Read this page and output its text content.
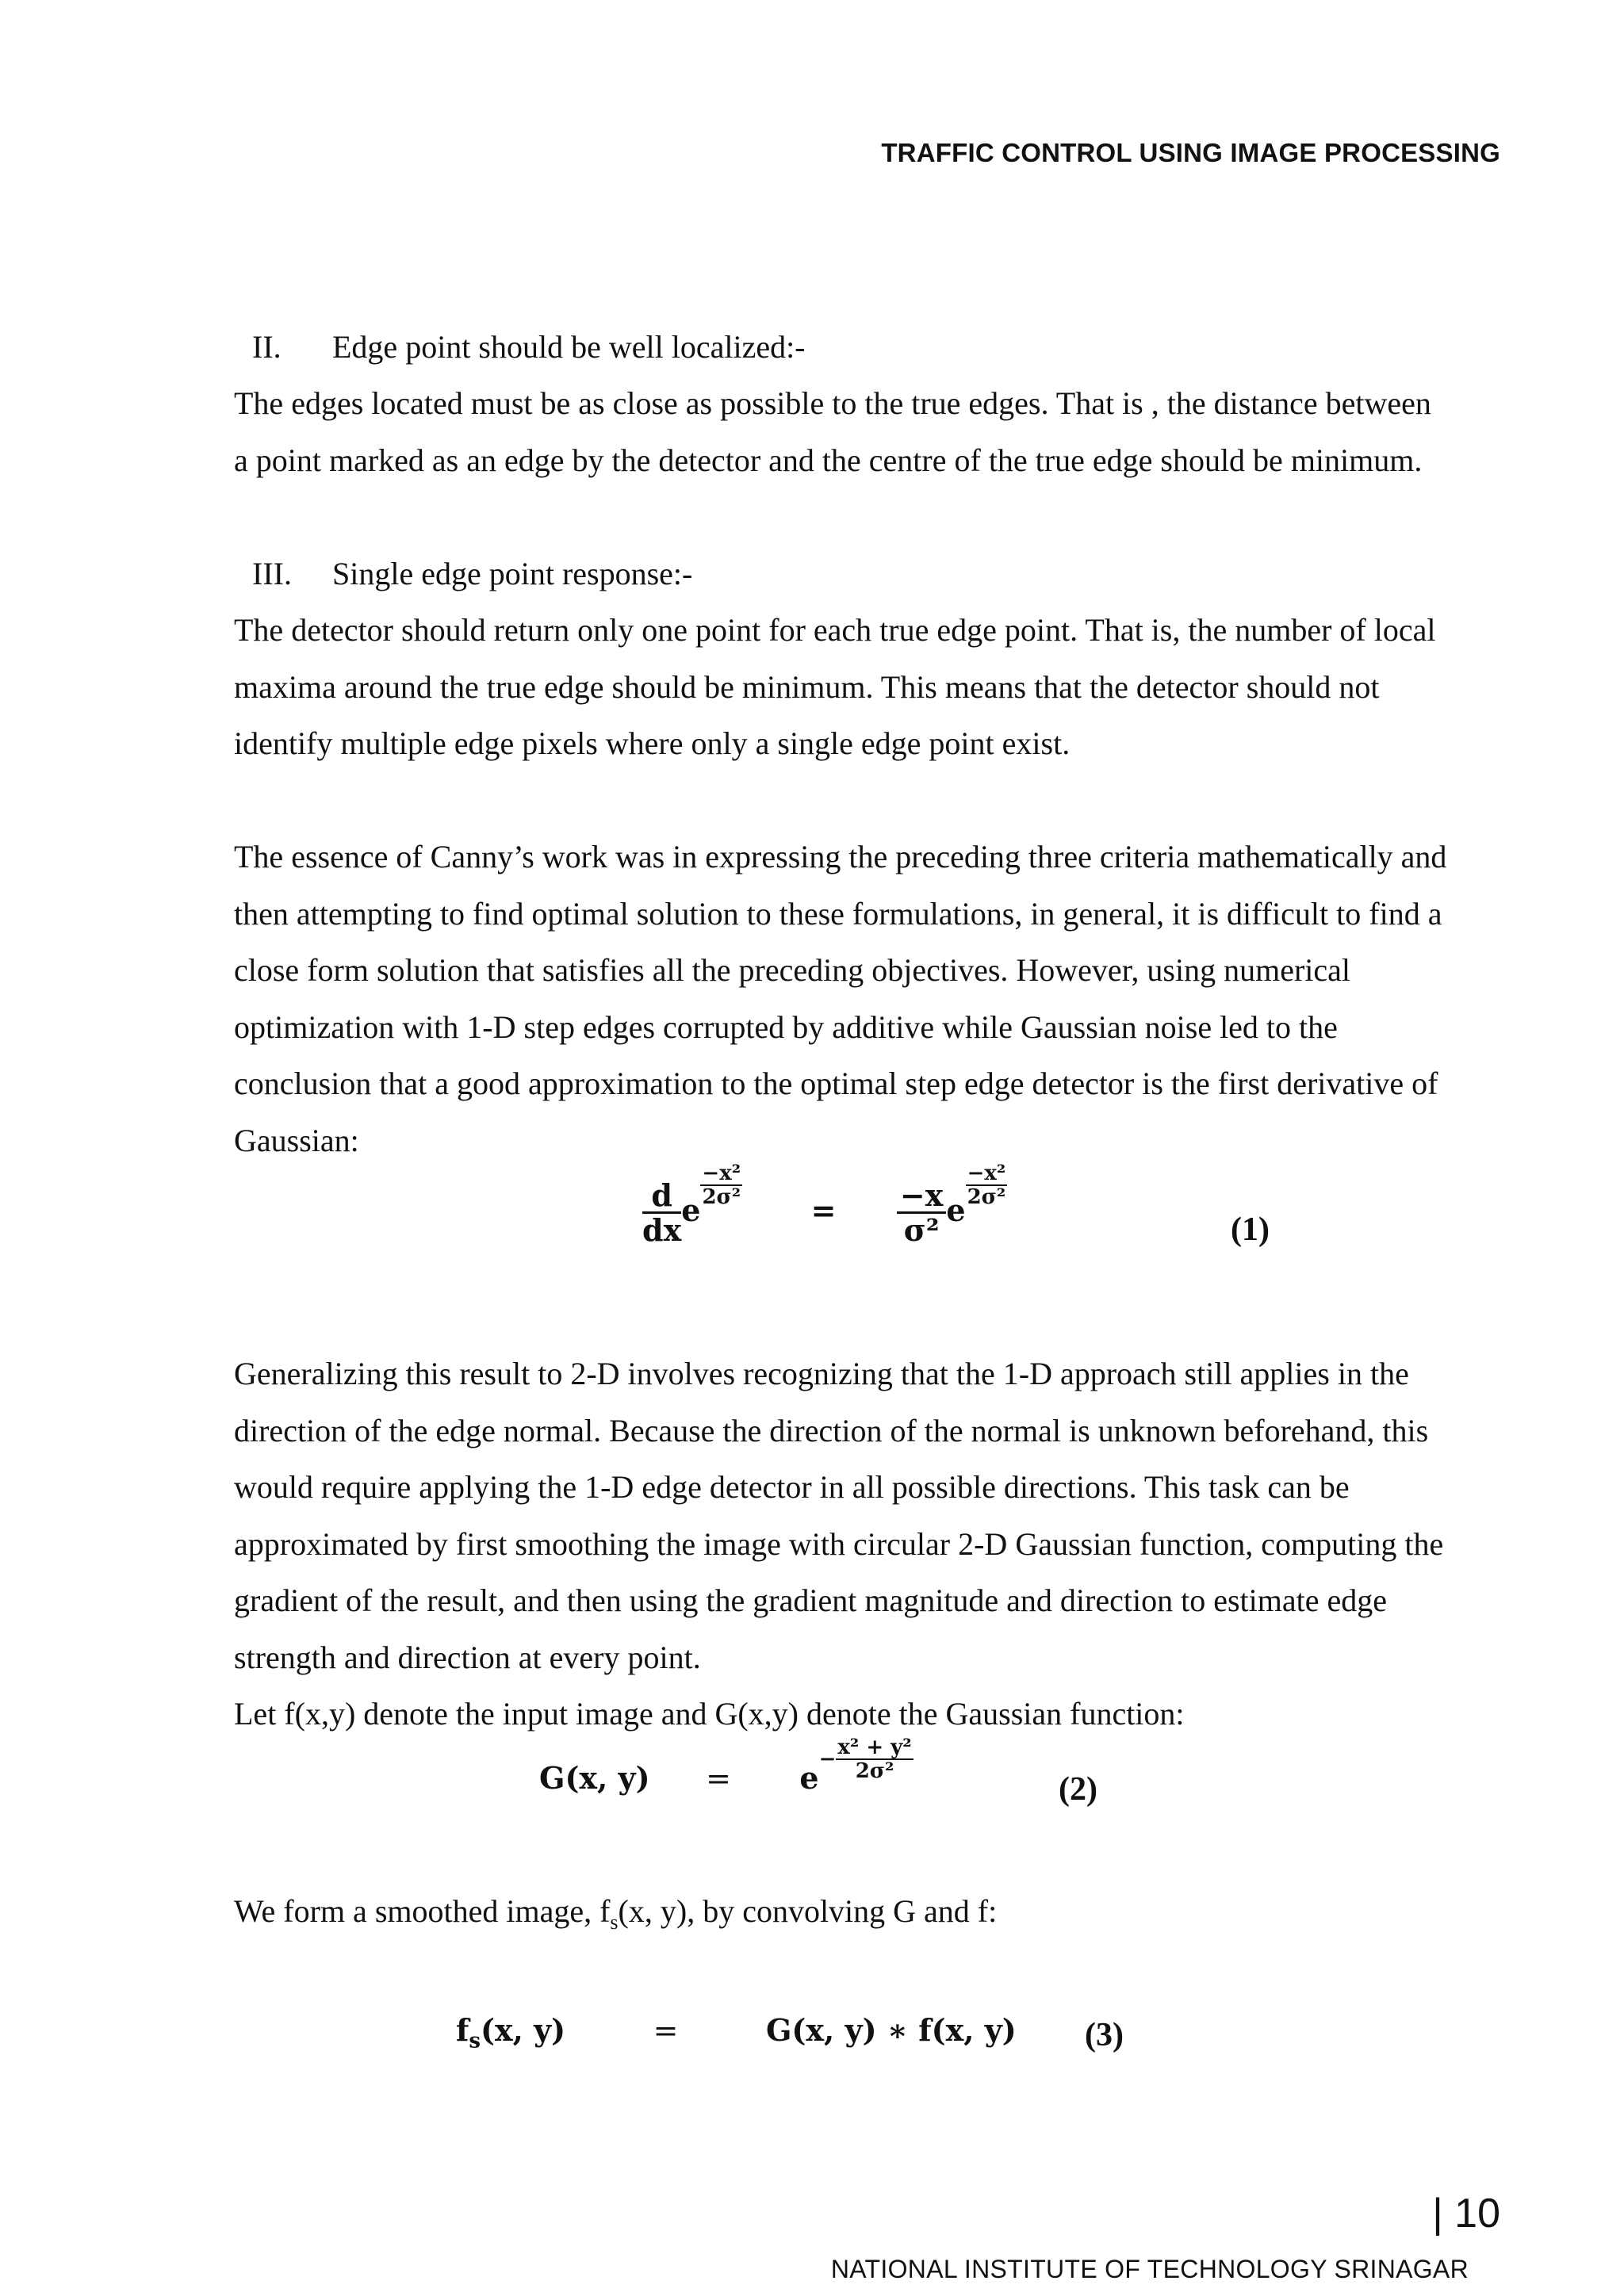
TRAFFIC CONTROL USING IMAGE PROCESSING
II. Edge point should be well localized:-
The edges located must be as close as possible to the true edges. That is , the distance between
a point marked as an edge by the detector and the centre of the true edge should be minimum.
III. Single edge point response:-
The detector should return only one point for each true edge point. That is, the number of local
maxima around the true edge should be minimum. This means that the detector should not
identify multiple edge pixels where only a single edge point exist.
The essence of Canny’s work was in expressing the preceding three criteria mathematically and
then attempting to find optimal solution to these formulations, in general, it is difficult to find a
close form solution that satisfies all the preceding objectives. However, using numerical
optimization with 1-D step edges corrupted by additive while Gaussian noise led to the
conclusion that a good approximation to the optimal step edge detector is the first derivative of
Gaussian:
$\frac{d}{dx}$ e
$\frac{\text{−x²}}{\text{2σ²}}$
= $\frac{-x}{\text{σ²}}$ e
$\frac{\text{−x²}}{\text{2σ²}}$
(1)
Generalizing this result to 2-D involves recognizing that the 1-D approach still applies in the
direction of the edge normal. Because the direction of the normal is unknown beforehand, this
would require applying the 1-D edge detector in all possible directions. This task can be
approximated by first smoothing the image with circular 2-D Gaussian function, computing the
gradient of the result, and then using the gradient magnitude and direction to estimate edge
strength and direction at every point.
Let f(x,y) denote the input image and G(x,y) denote the Gaussian function:
G(x, $y) = e- \frac{\text{x² + y²}}{\text{2σ²}}$
(2)
We form a smoothed image, $f_s(x$, y), by convolving G and f:
$f_s(x$, y)	=	G(x, y) ∗ f(x, y) (3)
| 10
NATIONAL INSTITUTE OF TECHNOLOGY SRINAGAR
